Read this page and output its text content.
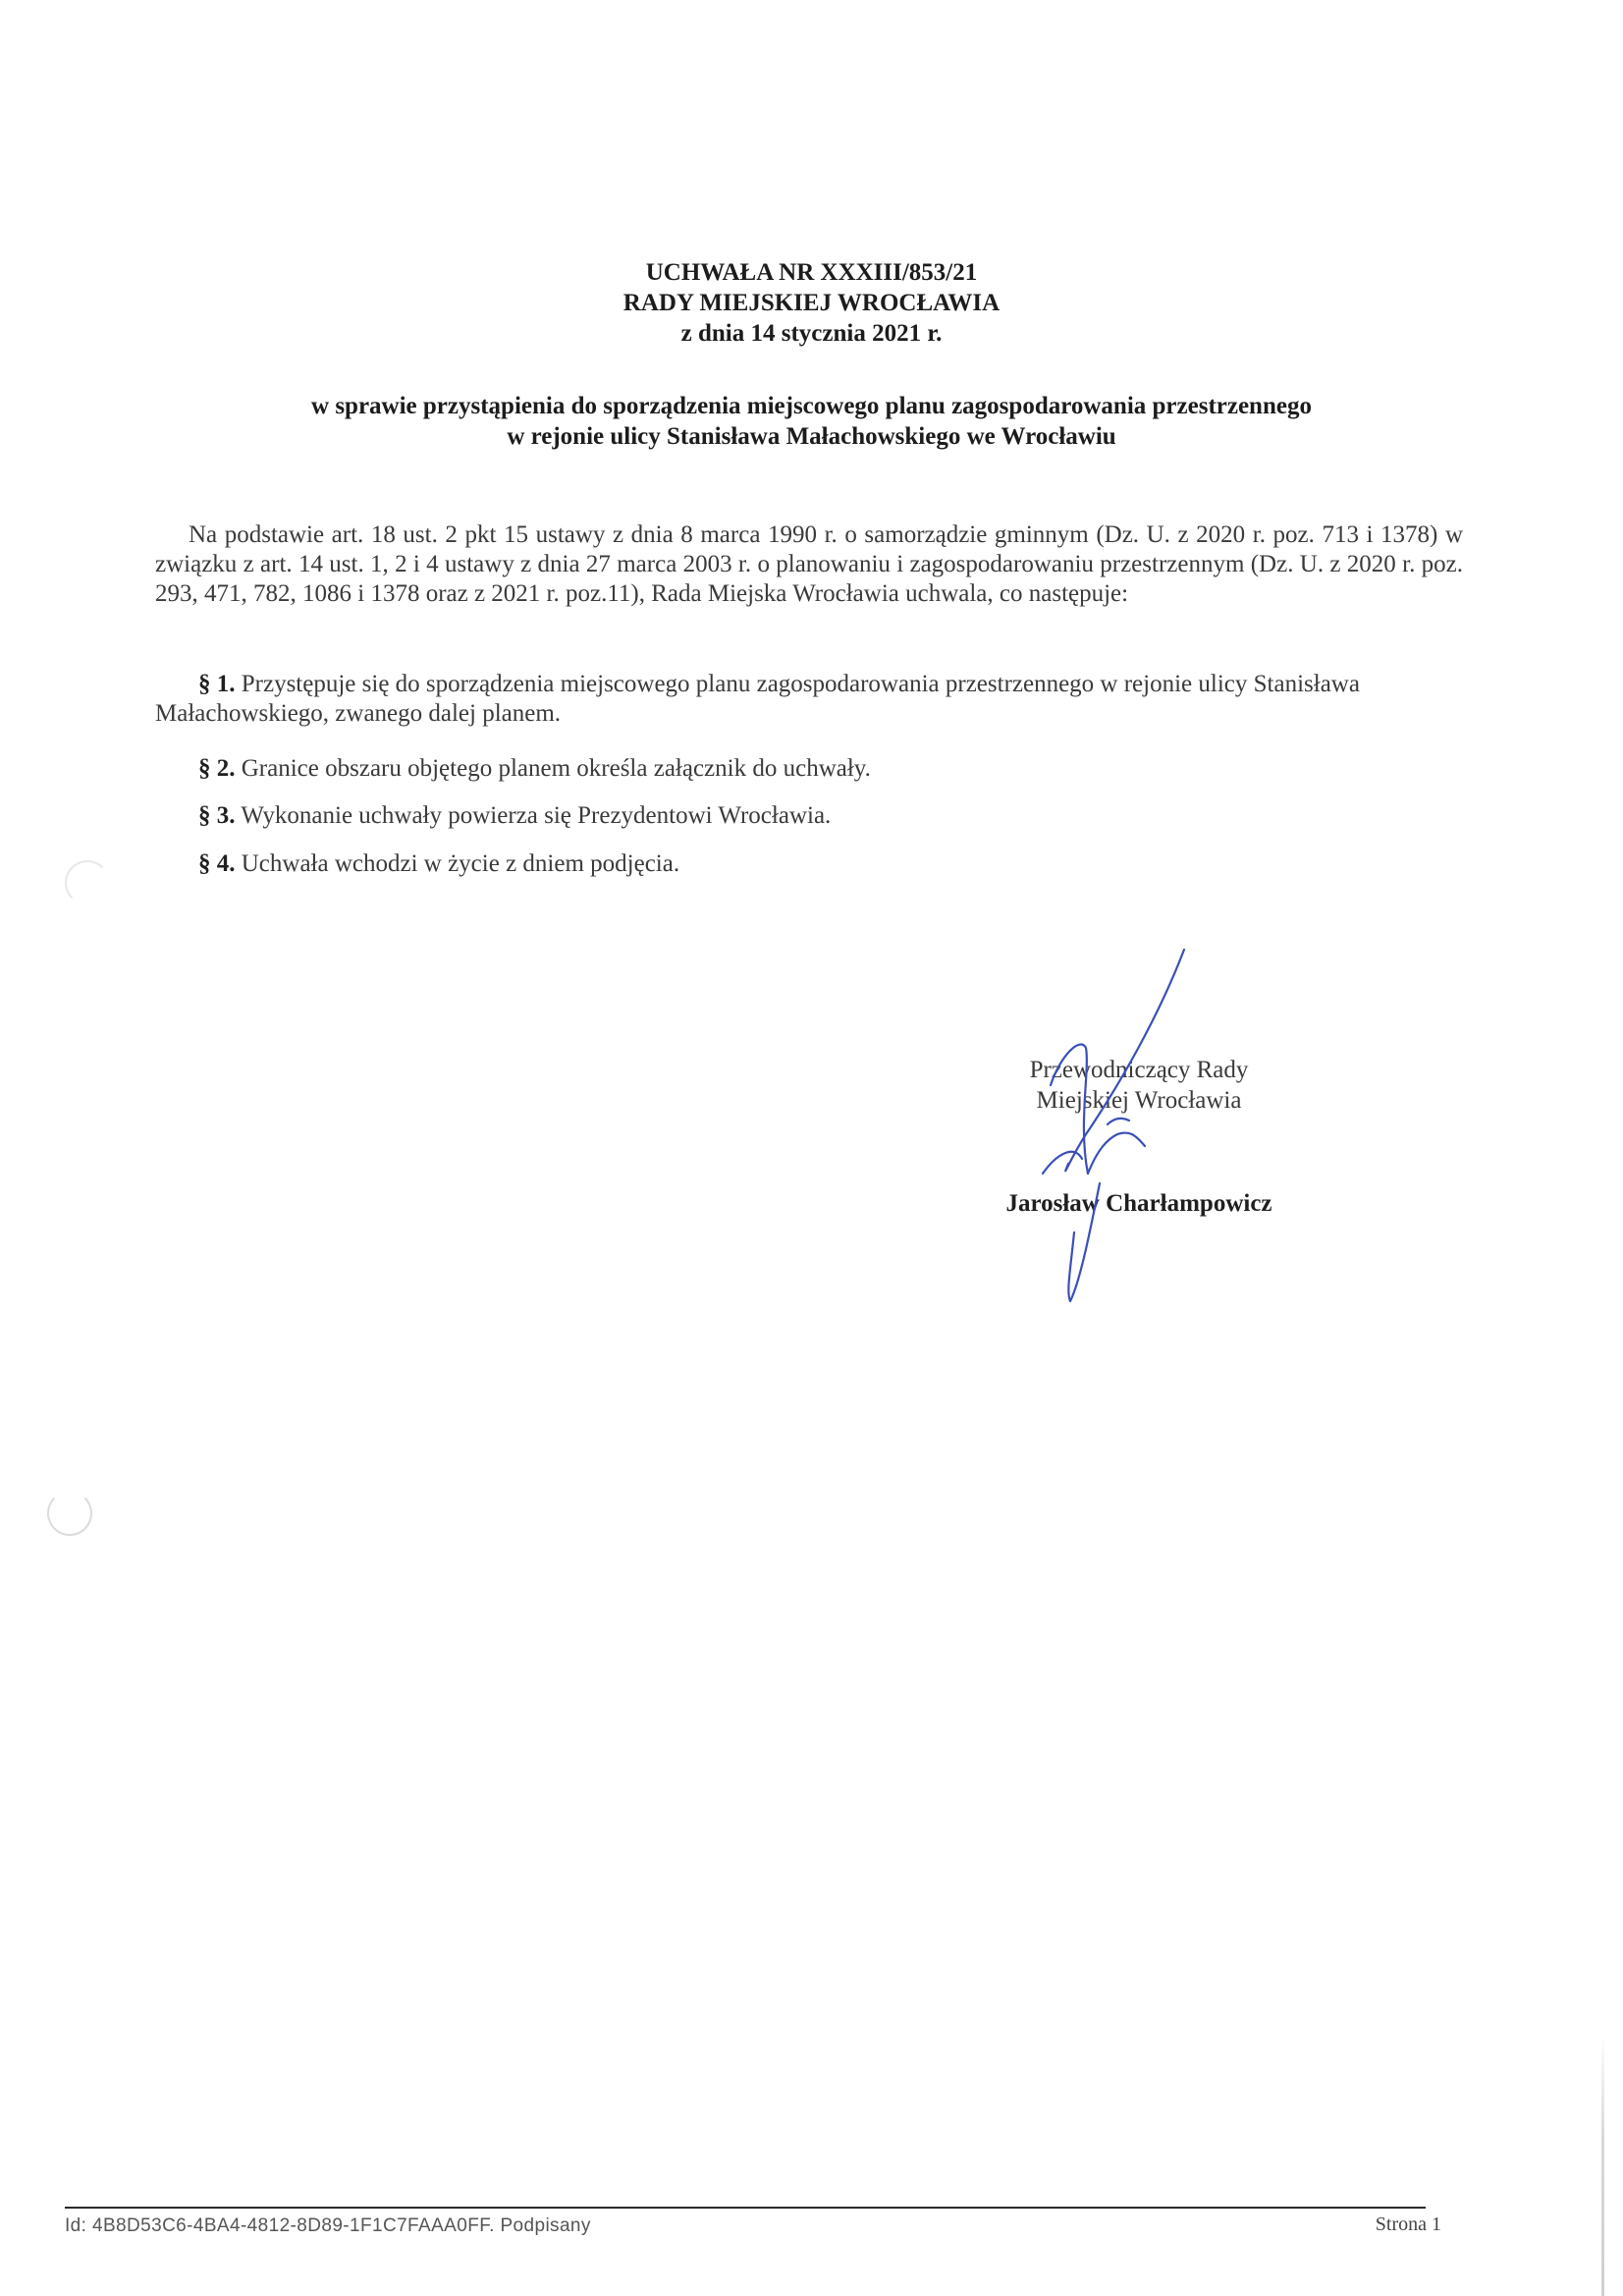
UCHWAŁA NR XXXIII/853/21
RADY MIEJSKIEJ WROCŁAWIA
z dnia 14 stycznia 2021 r.
w sprawie przystąpienia do sporządzenia miejscowego planu zagospodarowania przestrzennego
w rejonie ulicy Stanisława Małachowskiego we Wrocławiu
Na podstawie art. 18 ust. 2 pkt 15 ustawy z dnia 8 marca 1990 r. o samorządzie gminnym (Dz. U. z 2020 r. poz. 713 i 1378) w związku z art. 14 ust. 1, 2 i 4 ustawy z dnia 27 marca 2003 r. o planowaniu i zagospodarowaniu przestrzennym (Dz. U. z 2020 r. poz. 293, 471, 782, 1086 i 1378 oraz z 2021 r. poz.11), Rada Miejska Wrocławia uchwala, co następuje:
§ 1. Przystępuje się do sporządzenia miejscowego planu zagospodarowania przestrzennego w rejonie ulicy Stanisława Małachowskiego, zwanego dalej planem.
§ 2. Granice obszaru objętego planem określa załącznik do uchwały.
§ 3. Wykonanie uchwały powierza się Prezydentowi Wrocławia.
§ 4. Uchwała wchodzi w życie z dniem podjęcia.
Przewodniczący Rady
Miejskiej Wrocławia
Jarosław Charłampowicz
Id: 4B8D53C6-4BA4-4812-8D89-1F1C7FAAA0FF. Podpisany	Strona 1
